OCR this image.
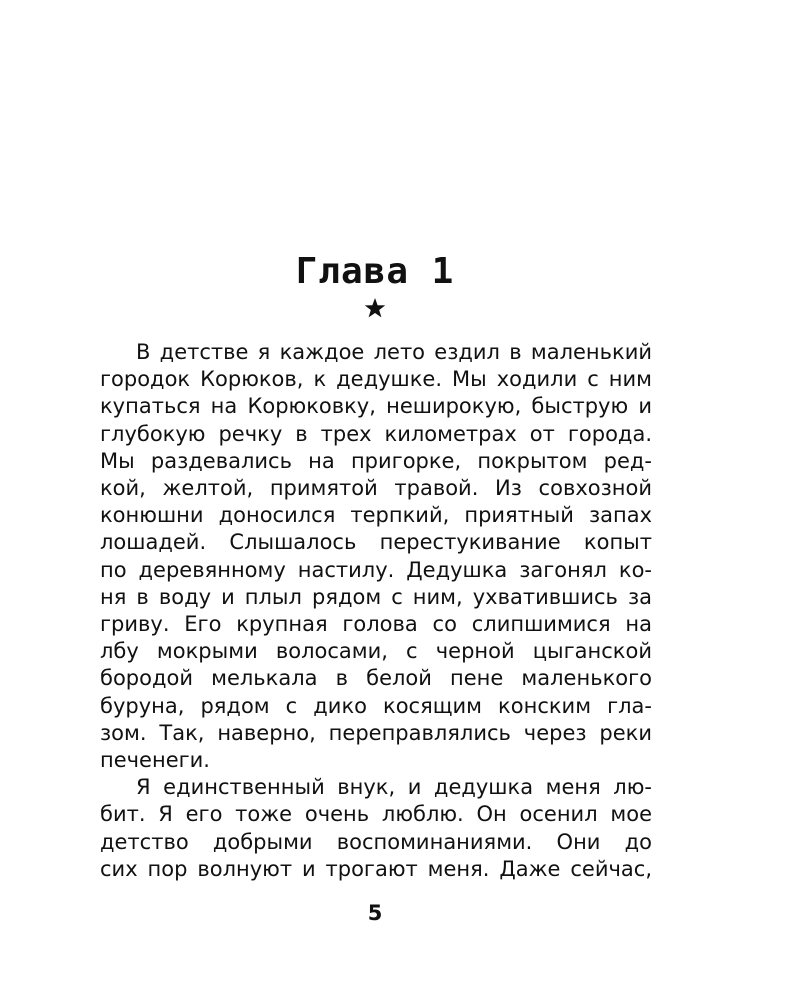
Глава 1

В детстве я каждое лето ездил в маленький
городок Корюков, к дедушке. Мы ходили с ним
купаться на Корюковку, неширокую, быструю и
глубокую речку в трех километрах от города.
Мы раздевались на пригорке, покрытом ред-
кой, желтой, примятой травой. Из совхозной
конюшни доносился терпкий, приятный запах
лошадей. Слышалось перестукивание копыт
по деревянному настилу. Дедушка загонял ко-
ня в воду и плыл рядом с ним, ухватившись за
гриву. Его крупная голова со слипшимися на
лбу мокрыми волосами, с черной цыганской
бородой мелькала в белой пене маленького
буруна, рядом с дико косящим конским гла-
зом. Так, наверно, переправлялись через реки
печенеги.

Я единственный внук, и дедушка меня лю-
бит. Я его тоже очень люблю. Он осенил мое
детство добрыми воспоминаниями. Они до
сих пор волнуют и трогают меня. Даже сейчас,

5
